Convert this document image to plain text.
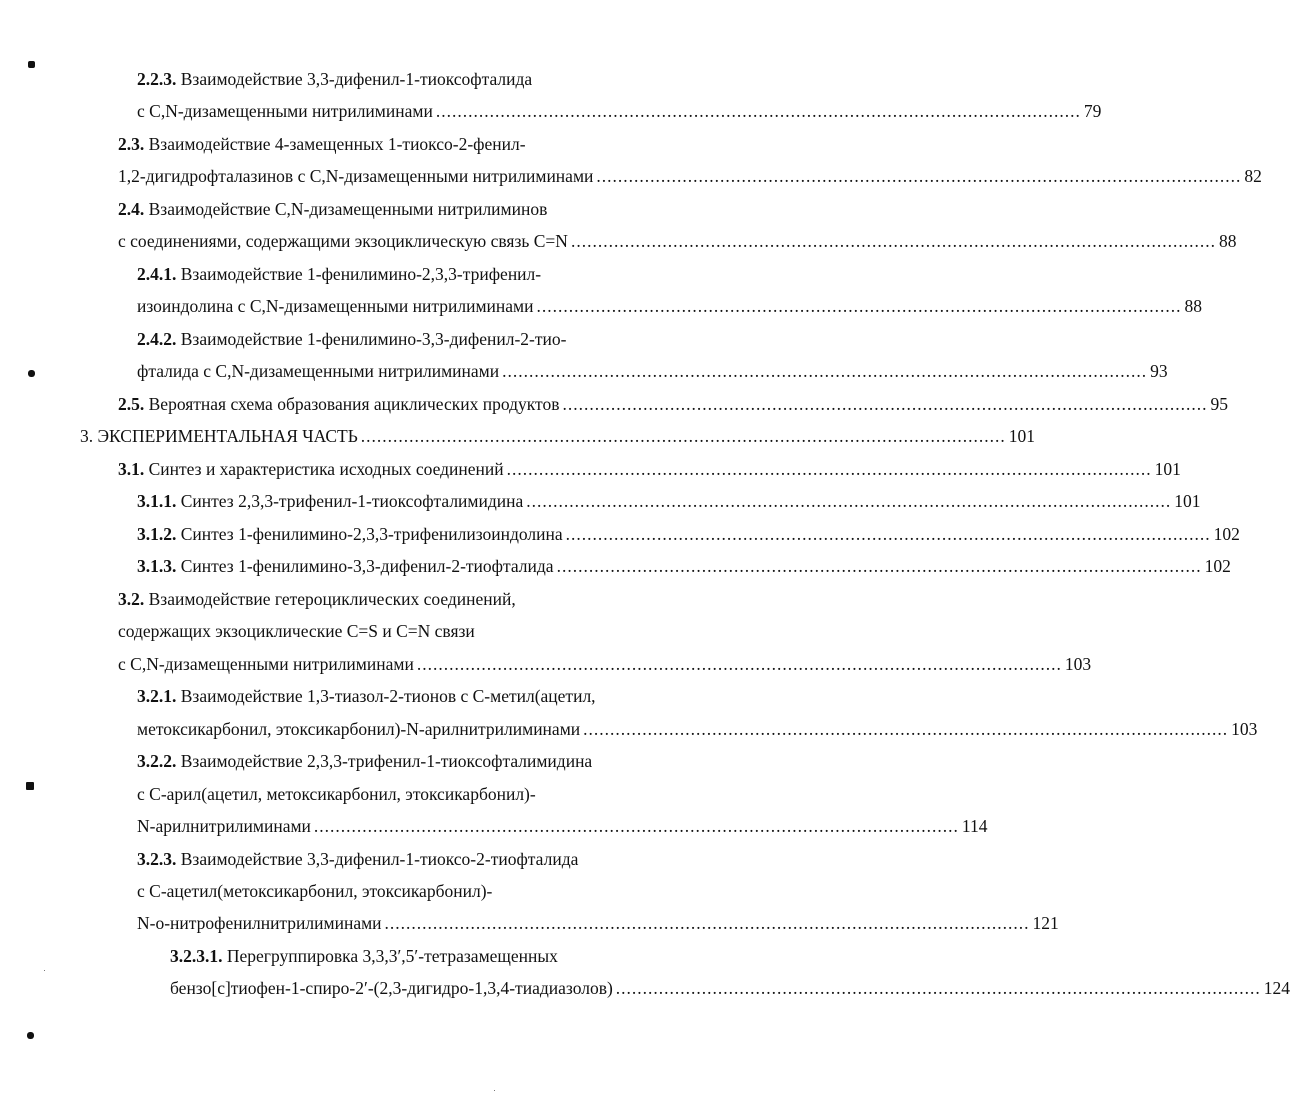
2.2.3. Взаимодействие 3,3-дифенил-1-тиоксофталида
с C,N-дизамещенными нитрилиминами ........................................................................................................................ 79
2.3. Взаимодействие 4-замещенных 1-тиоксо-2-фенил-
1,2-дигидрофталазинов с C,N-дизамещенными нитрилиминами ........................................................................................................................ 82
2.4. Взаимодействие C,N-дизамещенными нитрилиминов
с соединениями, содержащими экзоциклическую связь C=N ........................................................................................................................ 88
2.4.1. Взаимодействие 1-фенилимино-2,3,3-трифенил-
изоиндолина с C,N-дизамещенными нитрилиминами ........................................................................................................................ 88
2.4.2. Взаимодействие 1-фенилимино-3,3-дифенил-2-тио-
фталида с C,N-дизамещенными нитрилиминами ........................................................................................................................ 93
2.5. Вероятная схема образования ациклических продуктов ........................................................................................................................ 95
3. ЭКСПЕРИМЕНТАЛЬНАЯ ЧАСТЬ ........................................................................................................................ 101
3.1. Синтез и характеристика исходных соединений ........................................................................................................................ 101
3.1.1. Синтез 2,3,3-трифенил-1-тиоксофталимидина ........................................................................................................................ 101
3.1.2. Синтез 1-фенилимино-2,3,3-трифенилизоиндолина ........................................................................................................................ 102
3.1.3. Синтез 1-фенилимино-3,3-дифенил-2-тиофталида ........................................................................................................................ 102
3.2. Взаимодействие гетероциклических соединений,
содержащих экзоциклические C=S и C=N связи
с C,N-дизамещенными нитрилиминами ........................................................................................................................ 103
3.2.1. Взаимодействие 1,3-тиазол-2-тионов с C-метил(ацетил,
метоксикарбонил, этоксикарбонил)-N-арилнитрилиминами ........................................................................................................................ 103
3.2.2. Взаимодействие 2,3,3-трифенил-1-тиоксофталимидина
с C-арил(ацетил, метоксикарбонил, этоксикарбонил)-
N-арилнитрилиминами ........................................................................................................................ 114
3.2.3. Взаимодействие 3,3-дифенил-1-тиоксо-2-тиофталида
с C-ацетил(метоксикарбонил, этоксикарбонил)-
N-o-нитрофенилнитрилиминами ........................................................................................................................ 121
3.2.3.1. Перегруппировка 3,3,3′,5′-тетразамещенных
бензо[c]тиофен-1-спиро-2′-(2,3-дигидро-1,3,4-тиадиазолов) ........................................................................................................................ 124
